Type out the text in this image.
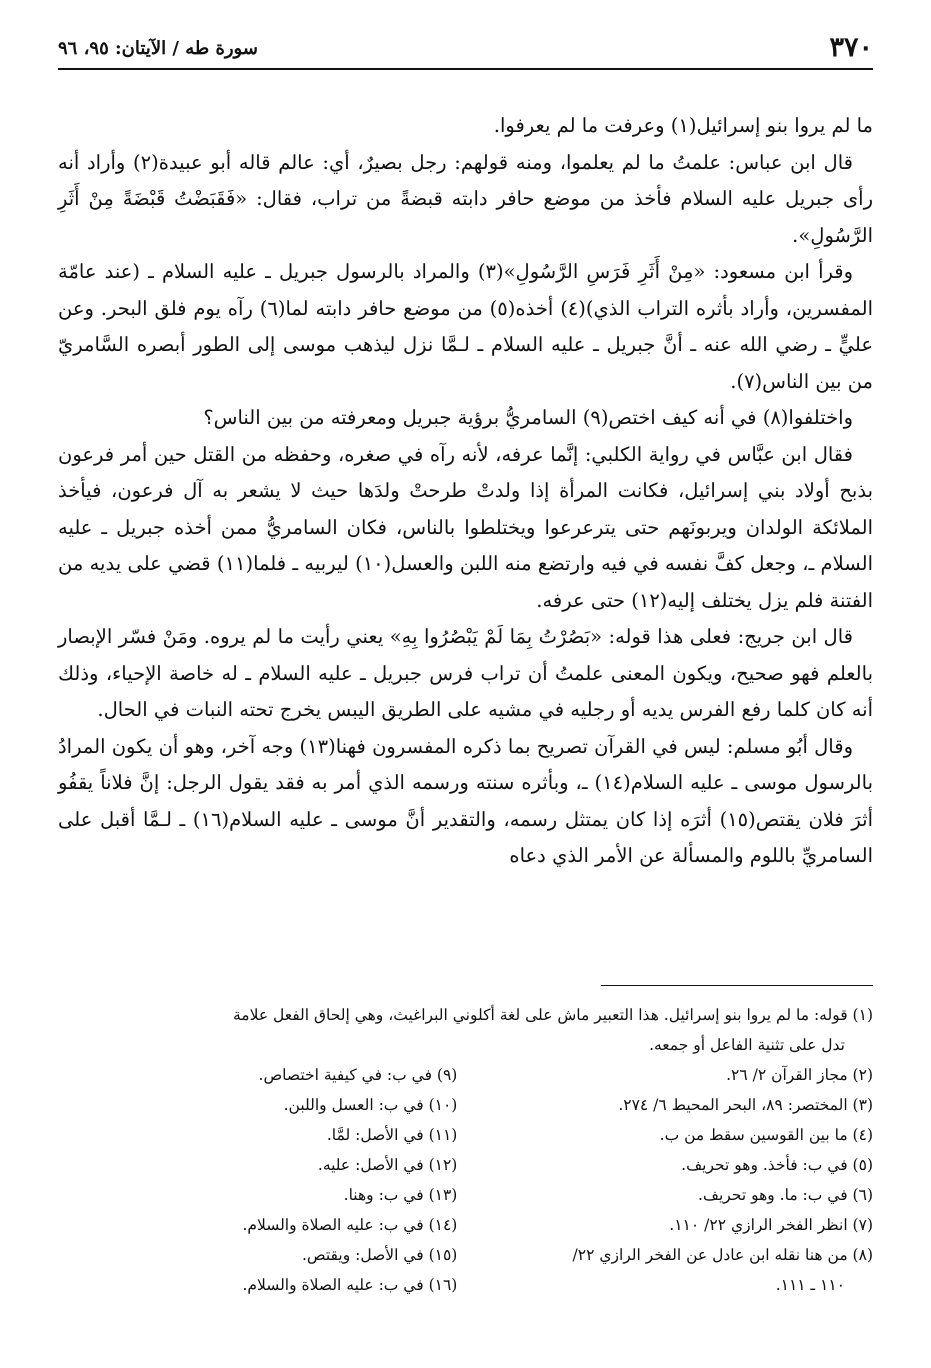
٣٧٠
سورة طه / الآيتان: ٩٥، ٩٦

ما لم يروا بنو إسرائيل(١) وعرفت ما لم يعرفوا.

قال ابن عباس: علمتُ ما لم يعلموا، ومنه قولهم: رجل بصيرٌ، أي: عالم قاله أبو عبيدة(٢) وأراد أنه رأى جبريل عليه السلام فأخذ من موضع حافر دابته قبضةً من تراب، فقال: «فَقَبَضْتُ قَبْضَةً مِنْ أَثَرِ الرَّسُولِ».

وقرأ ابن مسعود: «مِنْ أَثَرِ فَرَسِ الرَّسُولِ»(٣) والمراد بالرسول جبريل ـ عليه السلام ـ (عند عامّة المفسرين، وأراد بأثره التراب الذي)(٤) أخذه(٥) من موضع حافر دابته لما(٦) رآه يوم فلق البحر. وعن عليٍّ ـ رضي الله عنه ـ أنَّ جبريل ـ عليه السلام ـ لـمَّا نزل ليذهب موسى إلى الطور أبصره السَّامريّ من بين الناس(٧).

واختلفوا(٨) في أنه كيف اختص(٩) السامريُّ برؤية جبريل ومعرفته من بين الناس؟

فقال ابن عبَّاس في رواية الكلبي: إنَّما عرفه، لأنه رآه في صغره، وحفظه من القتل حين أمر فرعون بذبح أولاد بني إسرائيل، فكانت المرأة إذا ولدتْ طرحتْ ولدَها حيث لا يشعر به آل فرعون، فيأخذ الملائكة الولدان ويربونَهم حتى يترعرعوا ويختلطوا بالناس، فكان السامريُّ ممن أخذه جبريل ـ عليه السلام ـ، وجعل كفَّ نفسه في فيه وارتضع منه اللبن والعسل(١٠) ليربيه ـ فلما(١١) قضي على يديه من الفتنة فلم يزل يختلف إليه(١٢) حتى عرفه.

قال ابن جريج: فعلى هذا قوله: «بَصُرْتُ بِمَا لَمْ يَبْصُرُوا بِهِ» يعني رأيت ما لم يروه. ومَنْ فسّر الإبصار بالعلم فهو صحيح، ويكون المعنى علمتُ أن تراب فرس جبريل ـ عليه السلام ـ له خاصة الإحياء، وذلك أنه كان كلما رفع الفرس يديه أو رجليه في مشيه على الطريق اليبس يخرج تحته النبات في الحال.

وقال أبُو مسلم: ليس في القرآن تصريح بما ذكره المفسرون فهنا(١٣) وجه آخر، وهو أن يكون المرادُ بالرسول موسى ـ عليه السلام(١٤) ـ، وبأثره سنته ورسمه الذي أمر به فقد يقول الرجل: إنَّ فلاناً يقفُو أثرَ فلان يقتص(١٥) أثرَه إذا كان يمتثل رسمه، والتقدير أنَّ موسى ـ عليه السلام(١٦) ـ لـمَّا أقبل على السامريِّ باللوم والمسألة عن الأمر الذي دعاه

(١) قوله: ما لم يروا بنو إسرائيل. هذا التعبير ماش على لغة أكلوني البراغيث، وهي إلحاق الفعل علامة

تدل على تثنية الفاعل أو جمعه.

(٢) مجاز القرآن ٢/ ٢٦.

(٣) المختصر: ٨٩، البحر المحيط ٦/ ٢٧٤.

(٤) ما بين القوسين سقط من ب.

(٥) في ب: فأخذ. وهو تحريف.

(٦) في ب: ما. وهو تحريف.

(٧) انظر الفخر الرازي ٢٢/ ١١٠.

(٨) من هنا نقله ابن عادل عن الفخر الرازي ٢٢/

١١٠ ـ ١١١.

(٩) في ب: في كيفية اختصاص.

(١٠) في ب: العسل واللبن.

(١١) في الأصل: لمَّا.

(١٢) في الأصل: عليه.

(١٣) في ب: وهنا.

(١٤) في ب: عليه الصلاة والسلام.

(١٥) في الأصل: ويقتص.

(١٦) في ب: عليه الصلاة والسلام.
